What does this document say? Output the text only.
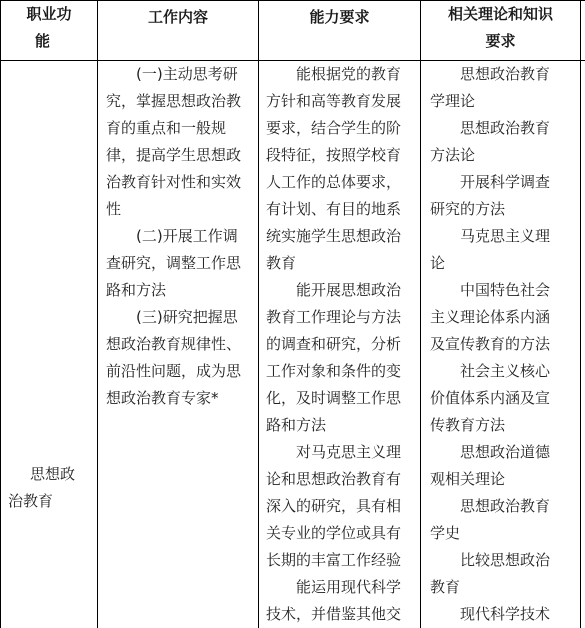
职业功
能
工作内容	能力要求	相关理论和知识
要求
思想政
治教育
(一)主动思考研
究，掌握思想政治教
育的重点和一般规
律，提高学生思想政
治教育针对性和实效
性
(二)开展工作调
查研究，调整工作思
路和方法
(三)研究把握思
想政治教育规律性、
前沿性问题，成为思
想政治教育专家*
能根据党的教育
方针和高等教育发展
要求，结合学生的阶
段特征，按照学校育
人工作的总体要求，
有计划、有目的地系
统实施学生思想政治
教育
能开展思想政治
教育工作理论与方法
的调查和研究，分析
工作对象和条件的变
化，及时调整工作思
路和方法
对马克思主义理
论和思想政治教育有
深入的研究，具有相
关专业的学位或具有
长期的丰富工作经验
能运用现代科学
技术，并借鉴其他交
思想政治教育
学理论
思想政治教育
方法论
开展科学调查
研究的方法
马克思主义理
论
中国特色社会
主义理论体系内涵
及宣传教育的方法
社会主义核心
价值体系内涵及宣
传教育方法
思想政治道德
观相关理论
思想政治教育
学史
比较思想政治
教育
现代科学技术
